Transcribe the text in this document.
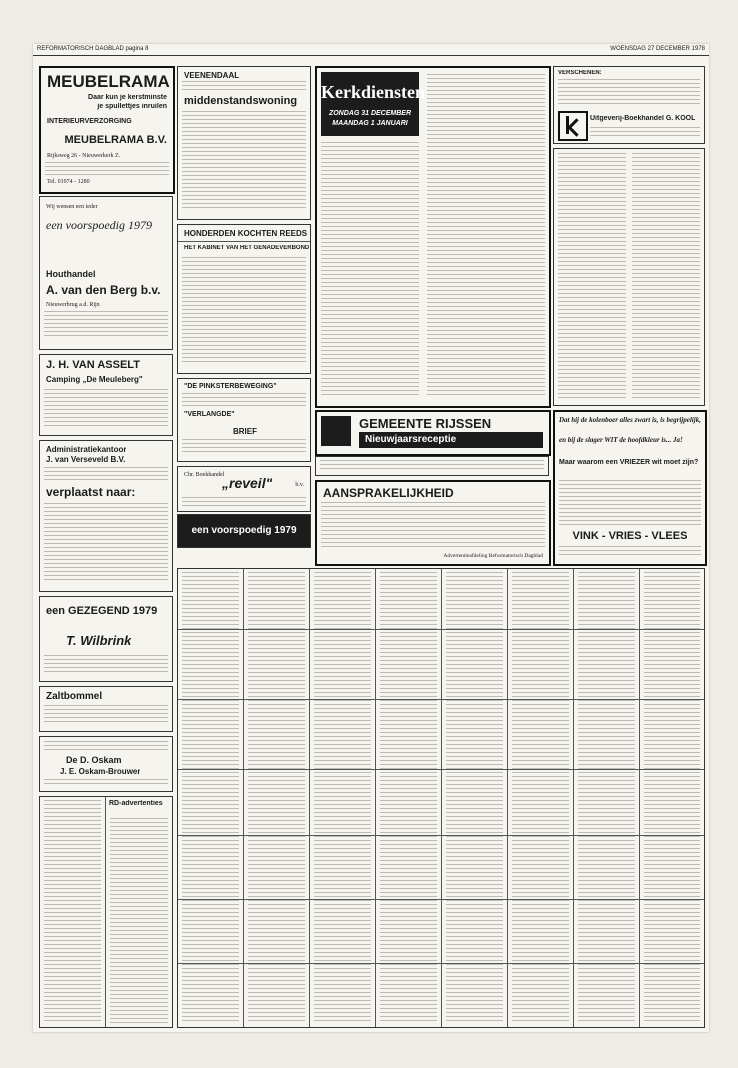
REFORMATORISCH DAGBLAD pagina 8	WOENSDAG 27 DECEMBER 1978
MEUBELRAMA
Daar kun je kerstminste
je spullettjes inruilen
INTERIEURVERZORGING
MEUBELRAMA B.V.
Rijksweg 26 - Nieuwerkerk Z.
Tel. 01974 - 1280
Wij wensen een ieder
een voorspoedig 1979
Houthandel
A. van den Berg b.v.
Nieuwerbrug a.d. Rijn
J. H. VAN ASSELT
Camping „De Meuleberg"
Administratiekantoor
J. van Verseveld B.V.
verplaatst naar:
een GEZEGEND 1979
T. Wilbrink
Zaltbommel
De D. Oskam
J. E. Oskam-Brouwer
VEENENDAAL
middenstandswoning
HONDERDEN KOCHTEN REEDS
HET KABINET VAN HET GENADEVERBOND
"DE PINKSTERBEWEGING"
"VERLANGDE"
BRIEF
Chr. Boekhandel
„reveil"	b.v.
een voorspoedig 1979
Kerkdiensten
ZONDAG 31 DECEMBER
MAANDAG 1 JANUARI
VERSCHENEN:
Uitgeverij-Boekhandel G. KOOL
GEMEENTE RIJSSEN
Nieuwjaarsreceptie
AANSPRAKELIJKHEID
Advertentieafdeling Reformatorisch Dagblad
Dat hij de kolenboer alles zwart is, is begrijpelijk,
en bij de slager WIT de hoofdkleur is... Ja!
Maar waarom een VRIEZER wit moet zijn?
VINK - VRIES - VLEES
RD-advertenties
